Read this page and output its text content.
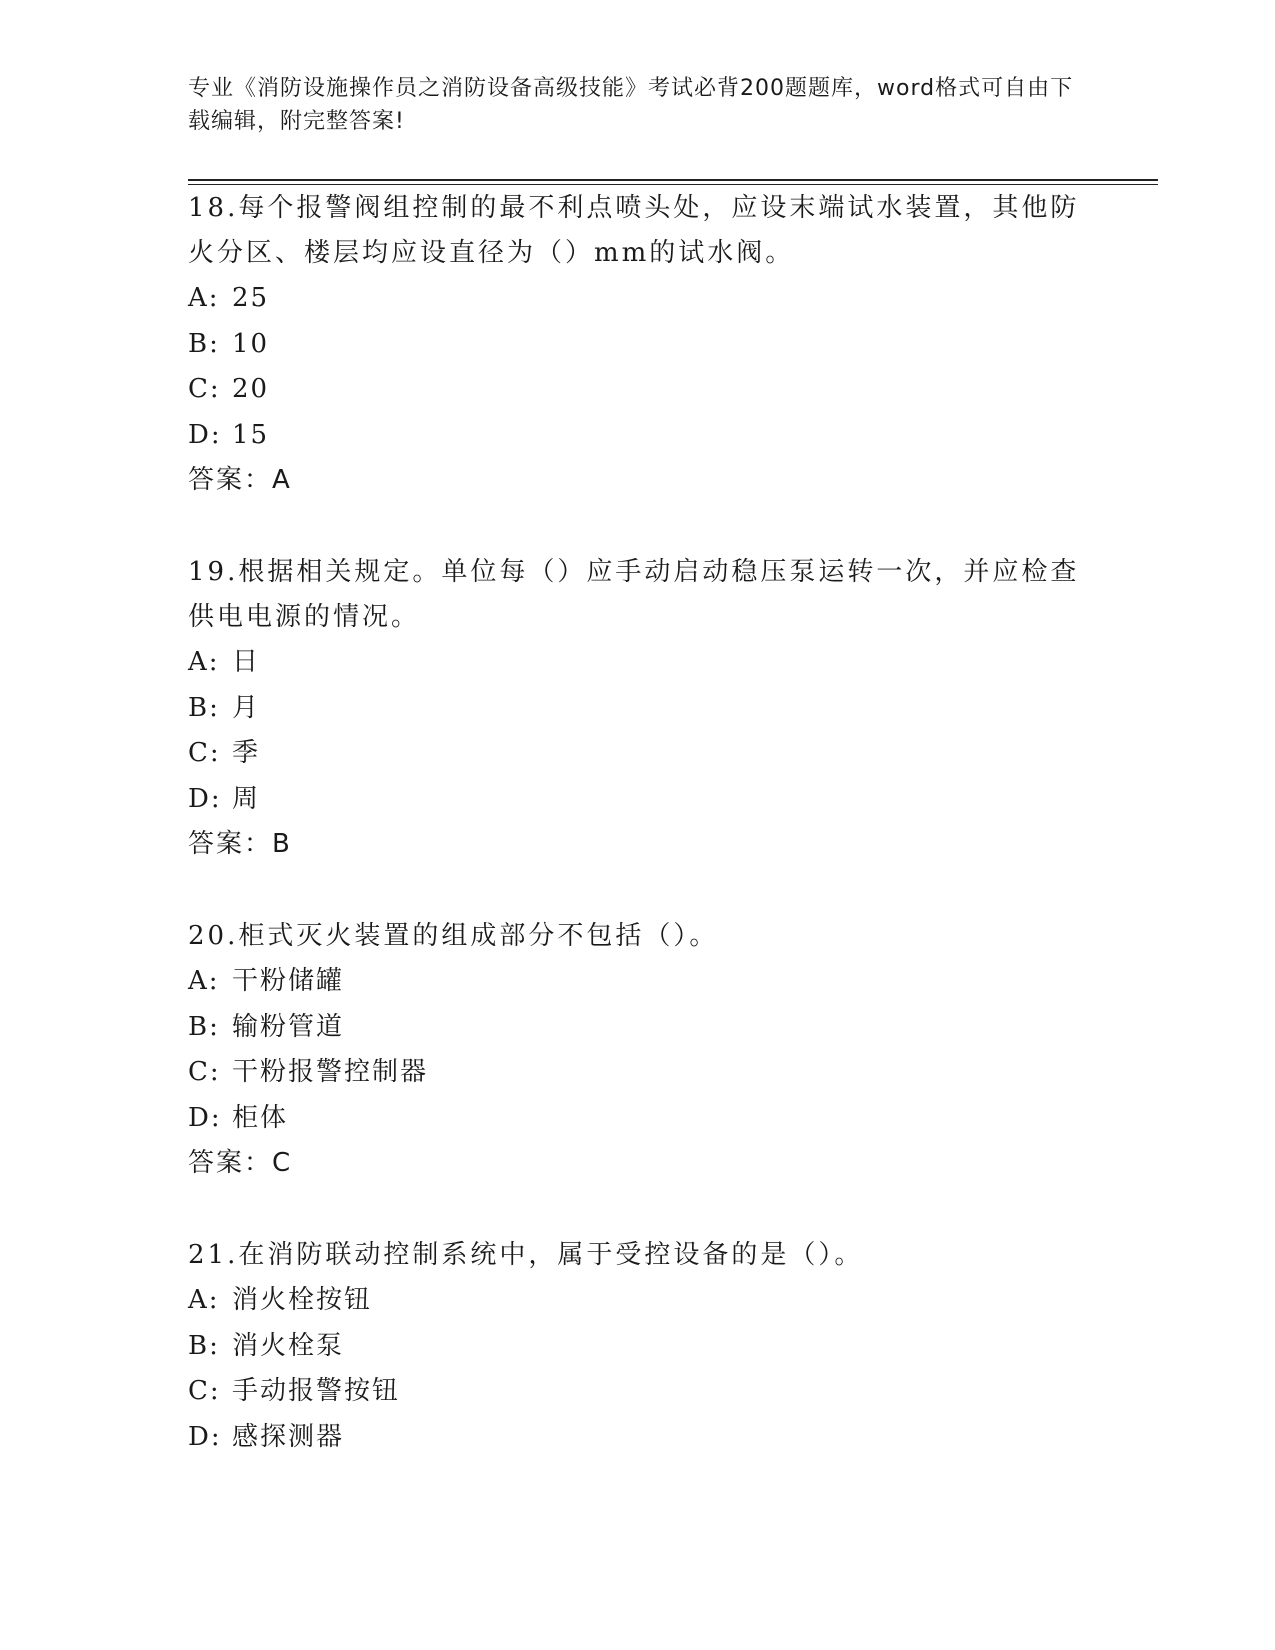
专业《消防设施操作员之消防设备高级技能》考试必背200题题库，word格式可自由下载编辑，附完整答案!

18.每个报警阀组控制的最不利点喷头处，应设末端试水装置，其他防火分区、楼层均应设直径为（）mm的试水阀。

A: 25

B: 10

C: 20

D: 15

答案：A

19.根据相关规定。单位每（）应手动启动稳压泵运转一次，并应检查供电电源的情况。

A: 日

B: 月

C: 季

D: 周

答案：B

20.柜式灭火装置的组成部分不包括（）。

A: 干粉储罐

B: 输粉管道

C: 干粉报警控制器

D: 柜体

答案：C

21.在消防联动控制系统中，属于受控设备的是（）。

A: 消火栓按钮

B: 消火栓泵

C: 手动报警按钮

D: 感探测器
